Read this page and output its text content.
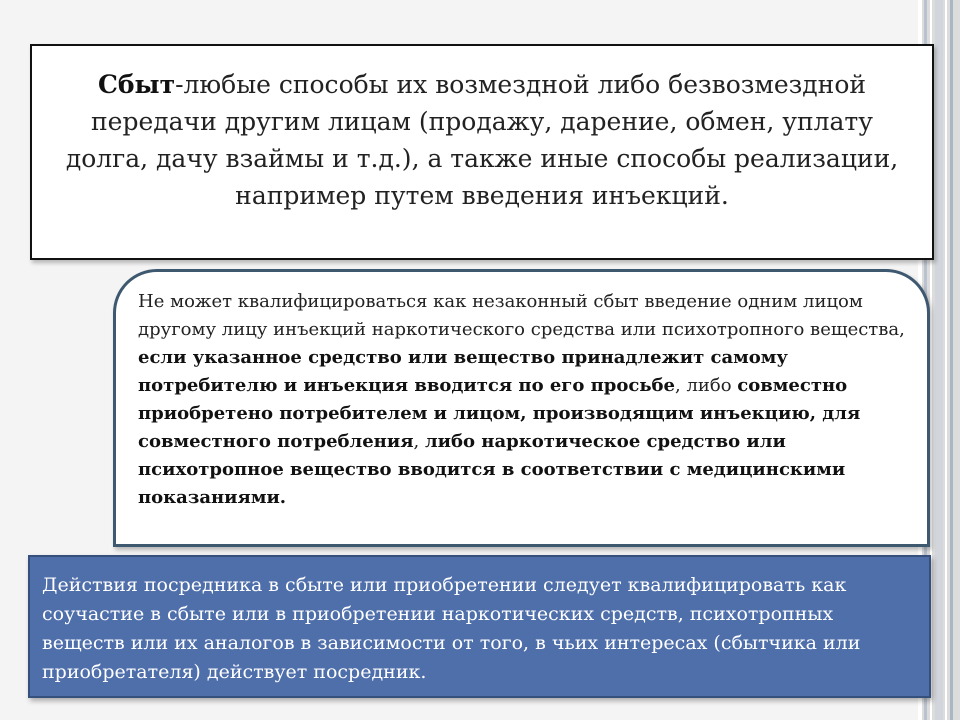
Сбыт-любые способы их возмездной либо безвозмездной передачи другим лицам (продажу, дарение, обмен, уплату долга, дачу взаймы и т.д.), а также иные способы реализации, например путем введения инъекций.
Не может квалифицироваться как незаконный сбыт введение одним лицом другому лицу инъекций наркотического средства или психотропного вещества, если указанное средство или вещество принадлежит самому потребителю и инъекция вводится по его просьбе, либо совместно приобретено потребителем и лицом, производящим инъекцию, для совместного потребления, либо наркотическое средство или психотропное вещество вводится в соответствии с медицинскими показаниями.
Действия посредника в сбыте или приобретении следует квалифицировать как соучастие в сбыте или в приобретении наркотических средств, психотропных веществ или их аналогов в зависимости от того, в чьих интересах (сбытчика или приобретателя) действует посредник.
